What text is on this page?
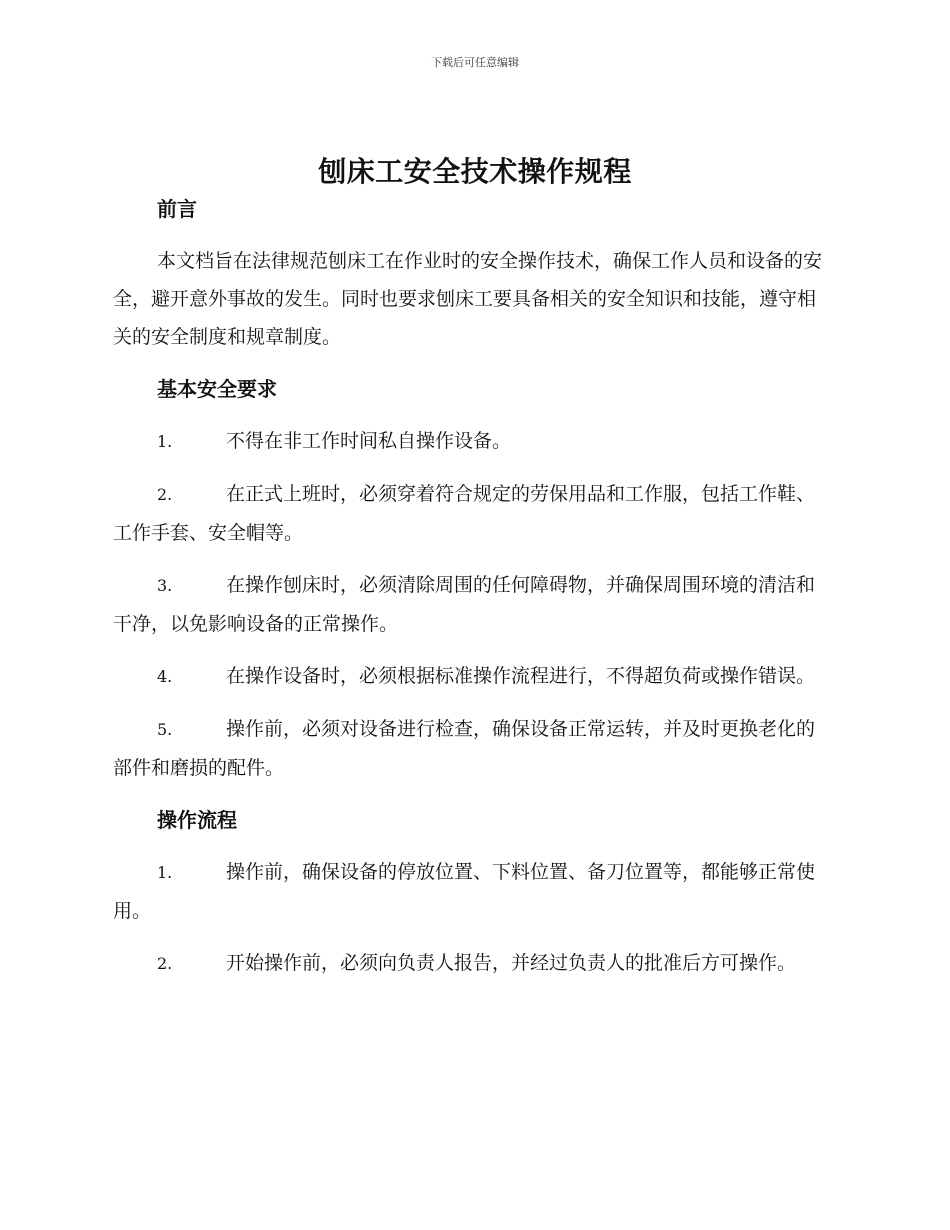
下载后可任意编辑
刨床工安全技术操作规程
前言

本文档旨在法律规范刨床工在作业时的安全操作技术，确保工作人员和设备的安全，避开意外事故的发生。同时也要求刨床工要具备相关的安全知识和技能，遵守相关的安全制度和规章制度。

基本安全要求

1.	不得在非工作时间私自操作设备。

2.	在正式上班时，必须穿着符合规定的劳保用品和工作服，包括工作鞋、工作手套、安全帽等。

3.	在操作刨床时，必须清除周围的任何障碍物，并确保周围环境的清洁和干净，以免影响设备的正常操作。

4.	在操作设备时，必须根据标准操作流程进行，不得超负荷或操作错误。

5.	操作前，必须对设备进行检查，确保设备正常运转，并及时更换老化的部件和磨损的配件。

操作流程

1.	操作前，确保设备的停放位置、下料位置、备刀位置等，都能够正常使用。

2.	开始操作前，必须向负责人报告，并经过负责人的批准后方可操作。
